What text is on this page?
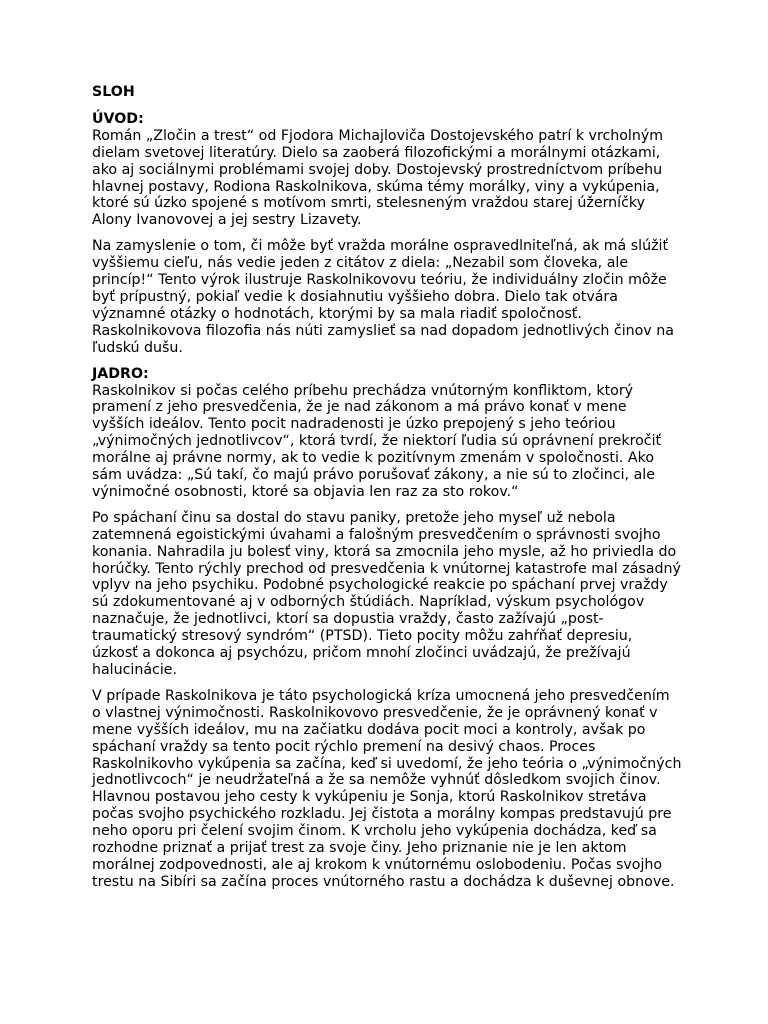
SLOH
ÚVOD:

Román „Zločin a trest“ od Fjodora Michajloviča Dostojevského patrí k vrcholným dielam svetovej literatúry. Dielo sa zaoberá filozofickými a morálnymi otázkami, ako aj sociálnymi problémami svojej doby. Dostojevský prostredníctvom príbehu hlavnej postavy, Rodiona Raskolnikova, skúma témy morálky, viny a vykúpenia, ktoré sú úzko spojené s motívom smrti, stelesneným vraždou starej úžerníčky Alony Ivanovovej a jej sestry Lizavety.

Na zamyslenie o tom, či môže byť vražda morálne ospravedlniteľná, ak má slúžiť vyššiemu cieľu, nás vedie jeden z citátov z diela: „Nezabil som človeka, ale princíp!“ Tento výrok ilustruje Raskolnikovovu teóriu, že individuálny zločin môže byť prípustný, pokiaľ vedie k dosiahnutiu vyššieho dobra. Dielo tak otvára významné otázky o hodnotách, ktorými by sa mala riadiť spoločnosť. Raskolnikovova filozofia nás núti zamyslieť sa nad dopadom jednotlivých činov na ľudskú dušu.

JADRO:

Raskolnikov si počas celého príbehu prechádza vnútorným konfliktom, ktorý pramení z jeho presvedčenia, že je nad zákonom a má právo konať v mene vyšších ideálov. Tento pocit nadradenosti je úzko prepojený s jeho teóriou „výnimočných jednotlivcov“, ktorá tvrdí, že niektorí ľudia sú oprávnení prekročiť morálne aj právne normy, ak to vedie k pozitívnym zmenám v spoločnosti. Ako sám uvádza: „Sú takí, čo majú právo porušovať zákony, a nie sú to zločinci, ale výnimočné osobnosti, ktoré sa objavia len raz za sto rokov.“

Po spáchaní činu sa dostal do stavu paniky, pretože jeho myseľ už nebola zatemnená egoistickými úvahami a falošným presvedčením o správnosti svojho konania. Nahradila ju bolesť viny, ktorá sa zmocnila jeho mysle, až ho priviedla do horúčky. Tento rýchly prechod od presvedčenia k vnútornej katastrofe mal zásadný vplyv na jeho psychiku. Podobné psychologické reakcie po spáchaní prvej vraždy sú zdokumentované aj v odborných štúdiách. Napríklad, výskum psychológov naznačuje, že jednotlivci, ktorí sa dopustia vraždy, často zažívajú „post-traumatický stresový syndróm“ (PTSD). Tieto pocity môžu zahŕňať depresiu, úzkosť a dokonca aj psychózu, pričom mnohí zločinci uvádzajú, že prežívajú halucinácie.

V prípade Raskolnikova je táto psychologická kríza umocnená jeho presvedčením o vlastnej výnimočnosti. Raskolnikovovo presvedčenie, že je oprávnený konať v mene vyšších ideálov, mu na začiatku dodáva pocit moci a kontroly, avšak po spáchaní vraždy sa tento pocit rýchlo premení na desivý chaos. Proces Raskolnikovho vykúpenia sa začína, keď si uvedomí, že jeho teória o „výnimočných jednotlivcoch“ je neudržateľná a že sa nemôže vyhnúť dôsledkom svojich činov. Hlavnou postavou jeho cesty k vykúpeniu je Sonja, ktorú Raskolnikov stretáva počas svojho psychického rozkladu. Jej čistota a morálny kompas predstavujú pre neho oporu pri čelení svojim činom. K vrcholu jeho vykúpenia dochádza, keď sa rozhodne priznať a prijať trest za svoje činy. Jeho priznanie nie je len aktom morálnej zodpovednosti, ale aj krokom k vnútornému oslobodeniu. Počas svojho trestu na Sibíri sa začína proces vnútorného rastu a dochádza k duševnej obnove.
